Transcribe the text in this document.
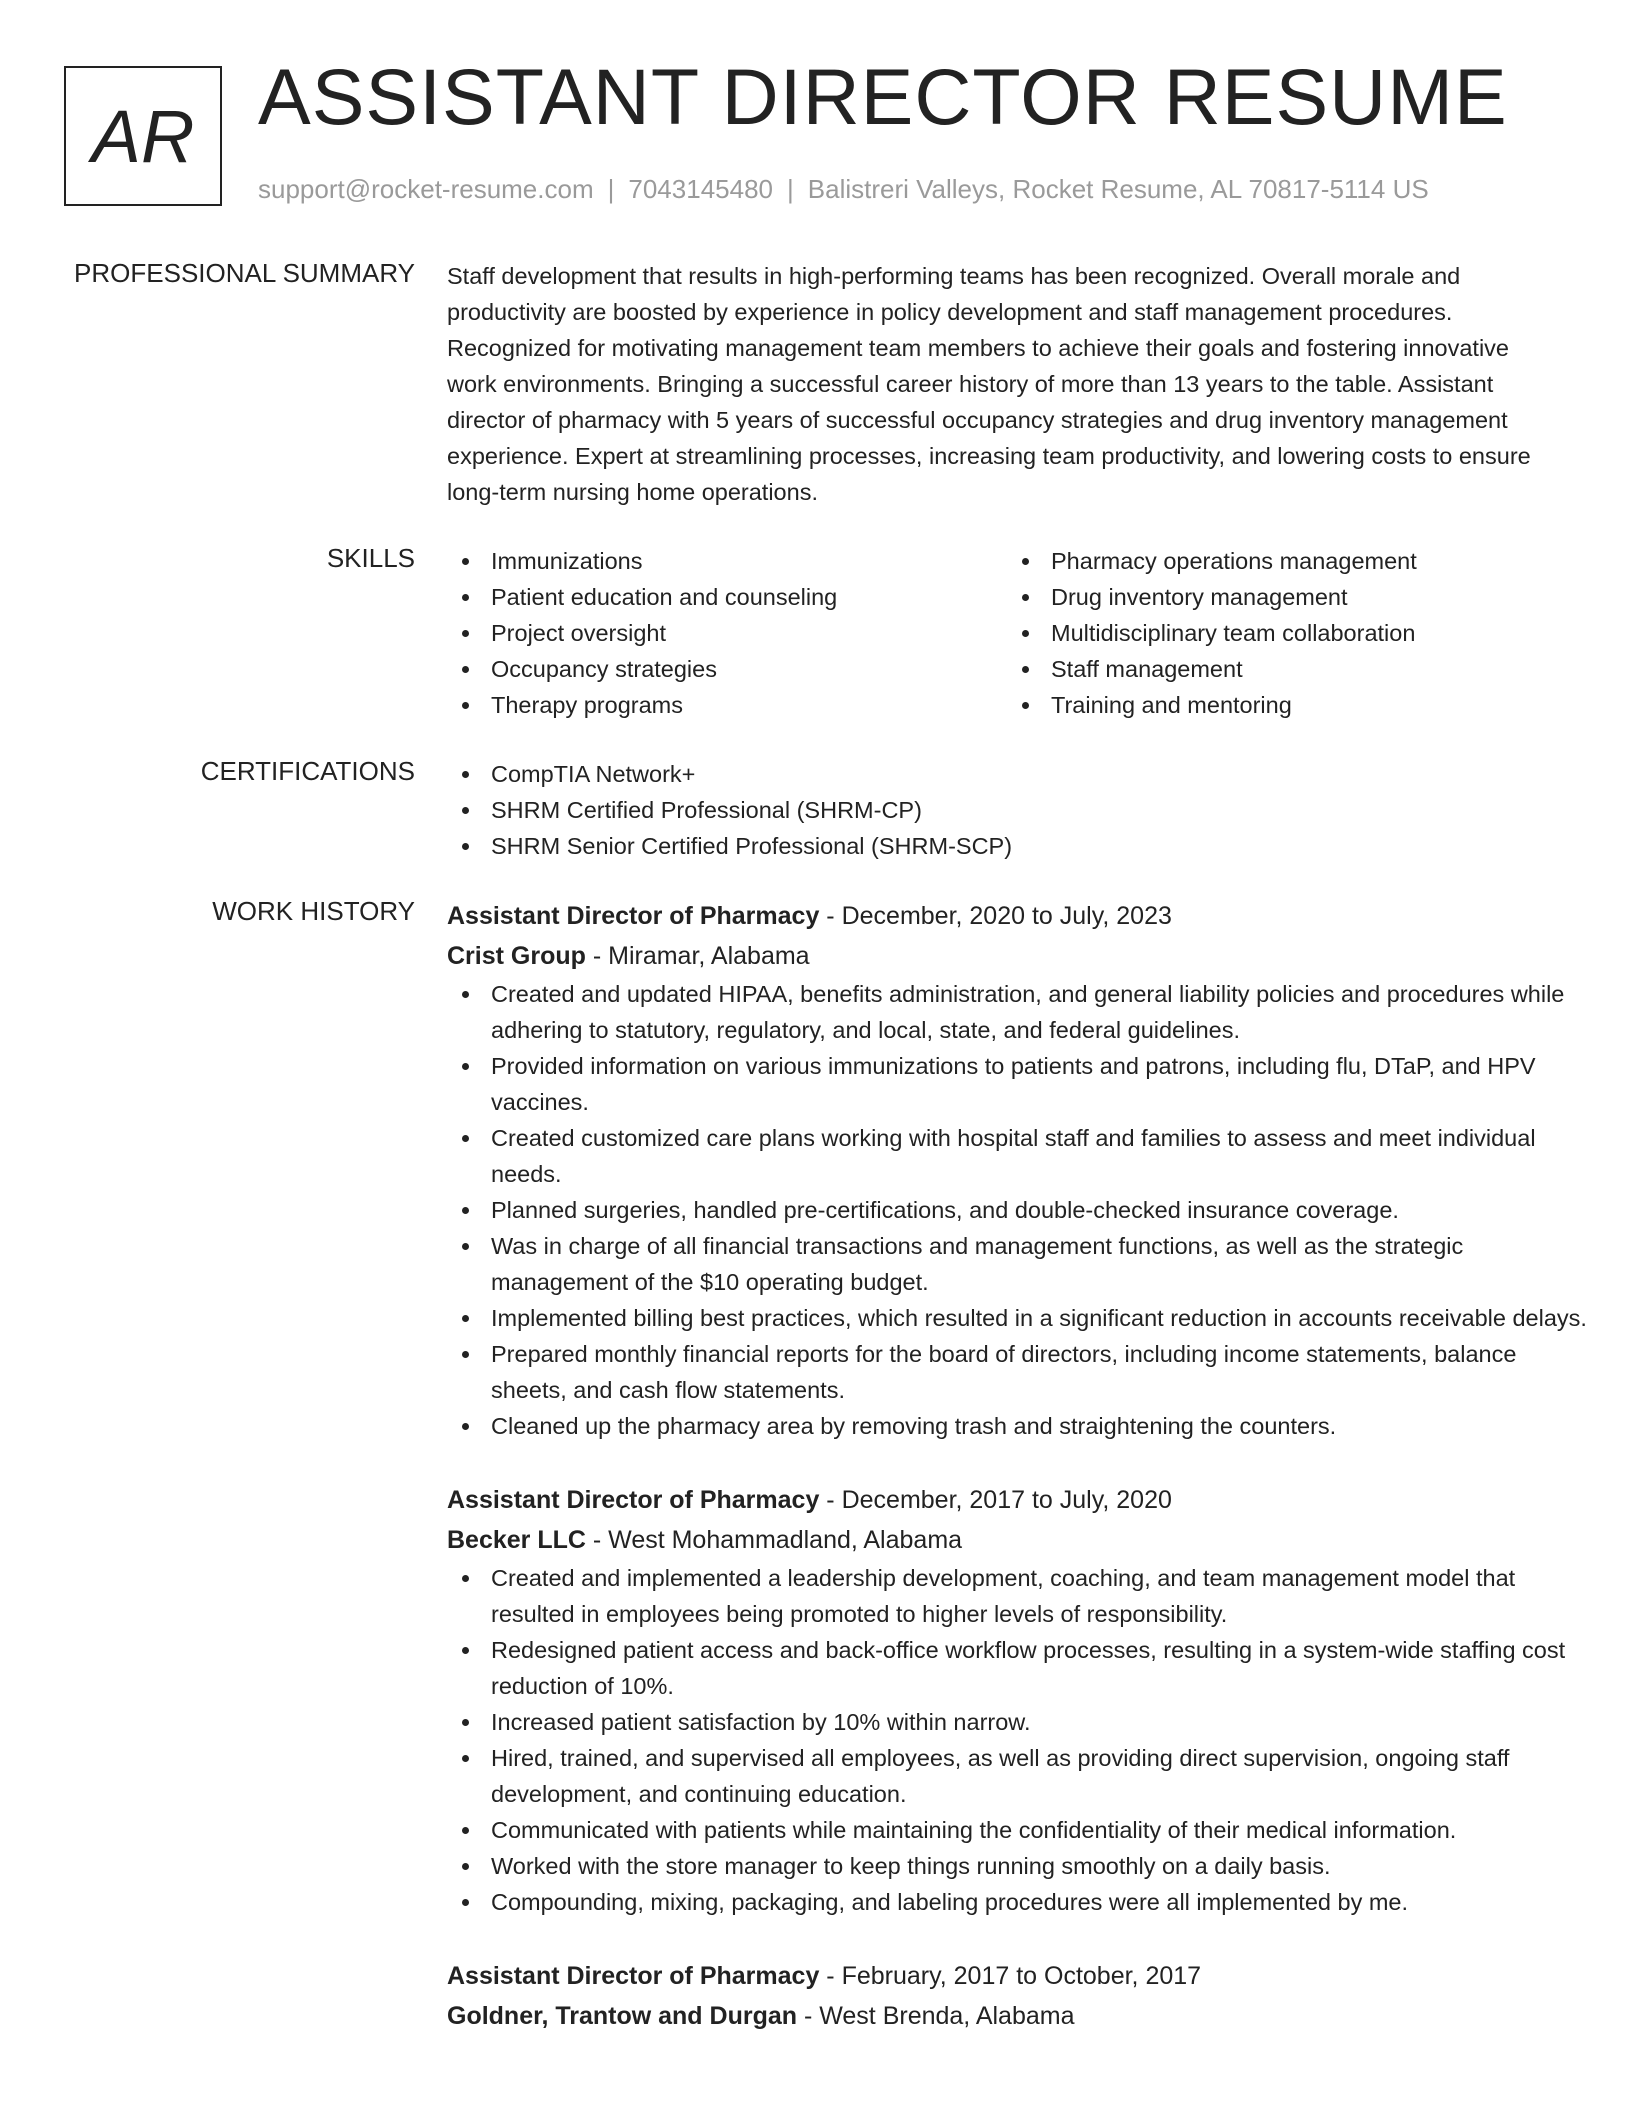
AR ASSISTANT DIRECTOR RESUME
support@rocket-resume.com | 7043145480 | Balistreri Valleys, Rocket Resume, AL 70817-5114 US
PROFESSIONAL SUMMARY Staff development that results in high-performing teams has been recognized. Overall morale and productivity are boosted by experience in policy development and staff management procedures. Recognized for motivating management team members to achieve their goals and fostering innovative work environments. Bringing a successful career history of more than 13 years to the table. Assistant director of pharmacy with 5 years of successful occupancy strategies and drug inventory management experience. Expert at streamlining processes, increasing team productivity, and lowering costs to ensure long-term nursing home operations.
SKILLS	Immunizations
Patient education and counseling
Project oversight
Occupancy strategies
Therapy programs
Pharmacy operations management
Drug inventory management
Multidisciplinary team collaboration
Staff management
Training and mentoring
CERTIFICATIONS	CompTIA Network+
SHRM Certified Professional (SHRM-CP)
SHRM Senior Certified Professional (SHRM-SCP)
WORK HISTORY Assistant Director of Pharmacy - December, 2020 to July, 2023
Crist Group - Miramar, Alabama
Created and updated HIPAA, benefits administration, and general liability policies and procedures while adhering to statutory, regulatory, and local, state, and federal guidelines.
Provided information on various immunizations to patients and patrons, including flu, DTaP, and HPV vaccines.
Created customized care plans working with hospital staff and families to assess and meet individual needs.
Planned surgeries, handled pre-certifications, and double-checked insurance coverage.
Was in charge of all financial transactions and management functions, as well as the strategic management of the $10 operating budget.
Implemented billing best practices, which resulted in a significant reduction in accounts receivable delays.
Prepared monthly financial reports for the board of directors, including income statements, balance sheets, and cash flow statements.
Cleaned up the pharmacy area by removing trash and straightening the counters.
Assistant Director of Pharmacy - December, 2017 to July, 2020
Becker LLC - West Mohammadland, Alabama
Created and implemented a leadership development, coaching, and team management model that resulted in employees being promoted to higher levels of responsibility.
Redesigned patient access and back-office workflow processes, resulting in a system-wide staffing cost reduction of 10%.
Increased patient satisfaction by 10% within narrow.
Hired, trained, and supervised all employees, as well as providing direct supervision, ongoing staff development, and continuing education.
Communicated with patients while maintaining the confidentiality of their medical information.
Worked with the store manager to keep things running smoothly on a daily basis.
Compounding, mixing, packaging, and labeling procedures were all implemented by me.
Assistant Director of Pharmacy - February, 2017 to October, 2017
Goldner, Trantow and Durgan - West Brenda, Alabama
